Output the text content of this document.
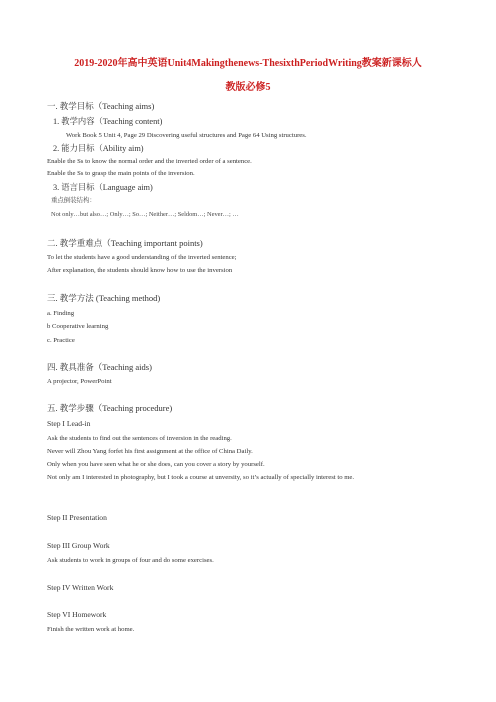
2019-2020年高中英语Unit4Makingthenews-ThesixthPeriodWriting教案新课标人
教版必修5
一. 教学目标（Teaching aims)
1. 教学内容（Teaching content)
Work Book 5 Unit 4, Page 29 Discovering useful structures and Page 64 Using structures.
2. 能力目标（Ability aim)
Enable the Ss to know the normal order and the inverted order of a sentence.
Enable the Ss to grasp the main points of the inversion.
3. 语言目标（Language aim)
重点倒装结构：
Not only…but also…; Only…; So…; Neither…; Seldom…; Never…; …
二. 教学重难点（Teaching important points)
To let the students have a good understanding of the inverted sentence;
After explanation, the students should know how to use the inversion
三. 教学方法 (Teaching method)
a. Finding
b Cooperative learning
c. Practice
四. 教具准备（Teaching aids)
A projector, PowerPoint
五. 教学步骤（Teaching procedure)
Step I Lead-in
Ask the students to find out the sentences of inversion in the reading.
Never will Zhou Yang forfet his first assignment at the office of China Daily.
Only when you have seen what he or she does, can you cover a story by yourself.
Not only am I interested in photography, but I took a course at unversity, so it’s actually of specially interest to me.
Step II Presentation
Step III Group Work
Ask students to work in groups of four and do some exercises.
Step IV Written Work
Step VI Homework
Finish the written work at home.
